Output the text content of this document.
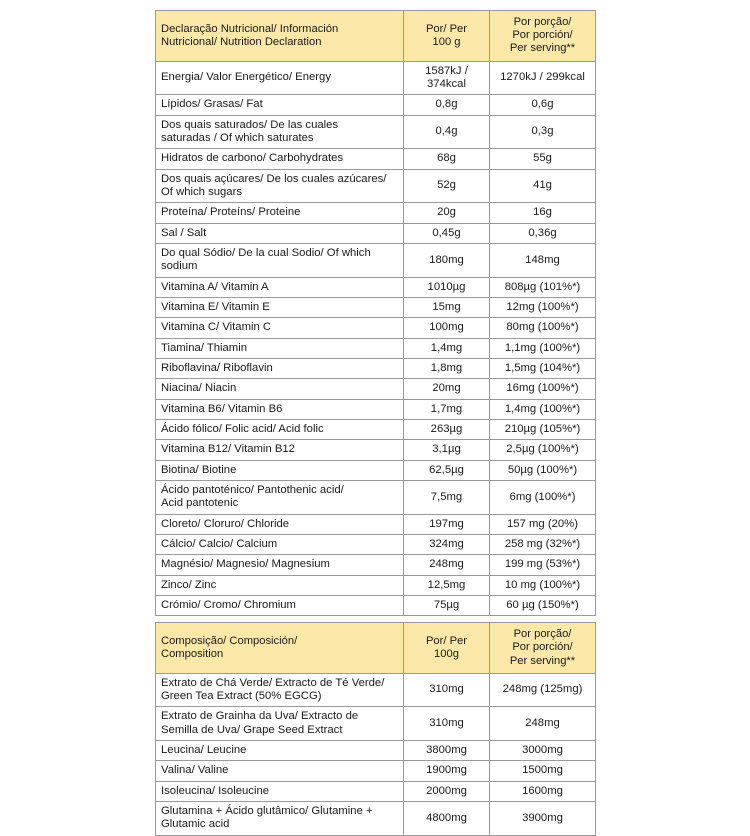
Declaração Nutricional/ Información
Nutricional/ Nutrition Declaration	Por/ Per
100 g	Por porção/
Por porción/
Per serving**

Energia/ Valor Energético/ Energy	1587kJ /
374kcal	1270kJ / 299kcal

Lípidos/ Grasas/ Fat	0,8g	0,6g

Dos quais saturados/ De las cuales
saturadas / Of which saturates	0,4g	0,3g

Hidratos de carbono/ Carbohydrates	68g	55g

Dos quais açúcares/ De los cuales azúcares/
Of which sugars	52g	41g

Proteína/ Proteíns/ Proteine	20g	16g

Sal / Salt	0,45g	0,36g

Do qual Sódio/ De la cual Sodio/ Of which
sodium	180mg	148mg

Vitamina A/ Vitamin A	1010µg	808µg (101%*)

Vitamina E/ Vitamin E	15mg	12mg (100%*)

Vitamina C/ Vitamin C	100mg	80mg (100%*)

Tiamina/ Thiamin	1,4mg	1,1mg (100%*)

Riboflavina/ Riboflavin	1,8mg	1,5mg (104%*)

Niacina/ Niacin	20mg	16mg (100%*)

Vitamina B6/ Vitamin B6	1,7mg	1,4mg (100%*)

Ácido fólico/ Folic acid/ Acid folic	263µg	210µg (105%*)

Vitamina B12/ Vitamin B12	3,1µg	2,5µg (100%*)

Biotina/ Biotine	62,5µg	50µg (100%*)

Ácido pantoténico/ Pantothenic acid/
Acid pantotenic	7,5mg	6mg (100%*)

Cloreto/ Cloruro/ Chloride	197mg	157 mg (20%)

Cálcio/ Calcio/ Calcium	324mg	258 mg (32%*)

Magnésio/ Magnesio/ Magnesium	248mg	199 mg (53%*)

Zinco/ Zinc	12,5mg	10 mg (100%*)

Crómio/ Cromo/ Chromium	75µg	60 µg (150%*)
Composição/ Composición/
Composition	Por/ Per
100g	Por porção/
Por porción/
Per serving**

Extrato de Chá Verde/ Extracto de Té Verde/
Green Tea Extract (50% EGCG)	310mg	248mg (125mg)

Extrato de Grainha da Uva/ Extracto de
Semilla de Uva/ Grape Seed Extract	310mg	248mg

Leucina/ Leucine	3800mg	3000mg

Valina/ Valine	1900mg	1500mg

Isoleucina/ Isoleucine	2000mg	1600mg

Glutamina + Ácido glutâmico/ Glutamine +
Glutamic acid	4800mg	3900mg
